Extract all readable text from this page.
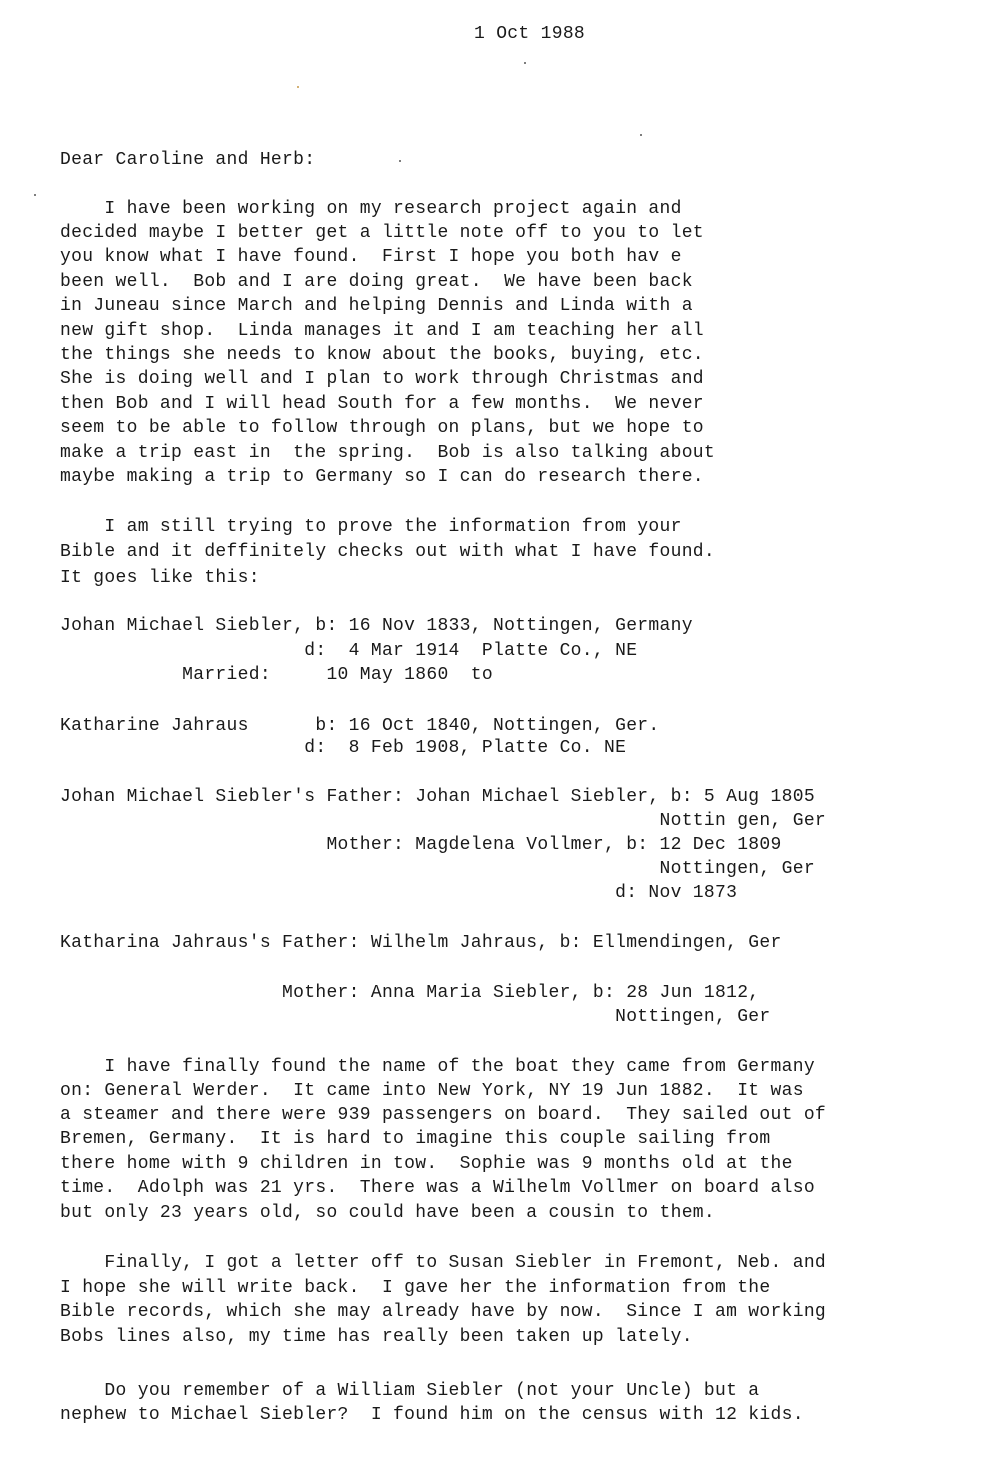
1 Oct 1988
Dear Caroline and Herb:
I have been working on my research project again and
decided maybe I better get a little note off to you to let
you know what I have found.  First I hope you both hav e
been well.  Bob and I are doing great.  We have been back
in Juneau since March and helping Dennis and Linda with a
new gift shop.  Linda manages it and I am teaching her all
the things she needs to know about the books, buying, etc.
She is doing well and I plan to work through Christmas and
then Bob and I will head South for a few months.  We never
seem to be able to follow through on plans, but we hope to
make a trip east in  the spring.  Bob is also talking about
maybe making a trip to Germany so I can do research there.
I am still trying to prove the information from your
Bible and it deffinitely checks out with what I have found.
It goes like this:
Johan Michael Siebler, b: 16 Nov 1833, Nottingen, Germany
d:  4 Mar 1914  Platte Co., NE
Married:     10 May 1860  to
Katharine Jahraus      b: 16 Oct 1840, Nottingen, Ger.
d:  8 Feb 1908, Platte Co. NE
Johan Michael Siebler's Father: Johan Michael Siebler, b: 5 Aug 1805
Nottin gen, Ger
Mother: Magdelena Vollmer, b: 12 Dec 1809
Nottingen, Ger
d: Nov 1873
Katharina Jahraus's Father: Wilhelm Jahraus, b: Ellmendingen, Ger
Mother: Anna Maria Siebler, b: 28 Jun 1812,
Nottingen, Ger
I have finally found the name of the boat they came from Germany
on: General Werder.  It came into New York, NY 19 Jun 1882.  It was
a steamer and there were 939 passengers on board.  They sailed out of
Bremen, Germany.  It is hard to imagine this couple sailing from
there home with 9 children in tow.  Sophie was 9 months old at the
time.  Adolph was 21 yrs.  There was a Wilhelm Vollmer on board also
but only 23 years old, so could have been a cousin to them.
Finally, I got a letter off to Susan Siebler in Fremont, Neb. and
I hope she will write back.  I gave her the information from the
Bible records, which she may already have by now.  Since I am working
Bobs lines also, my time has really been taken up lately.
Do you remember of a William Siebler (not your Uncle) but a
nephew to Michael Siebler?  I found him on the census with 12 kids.
